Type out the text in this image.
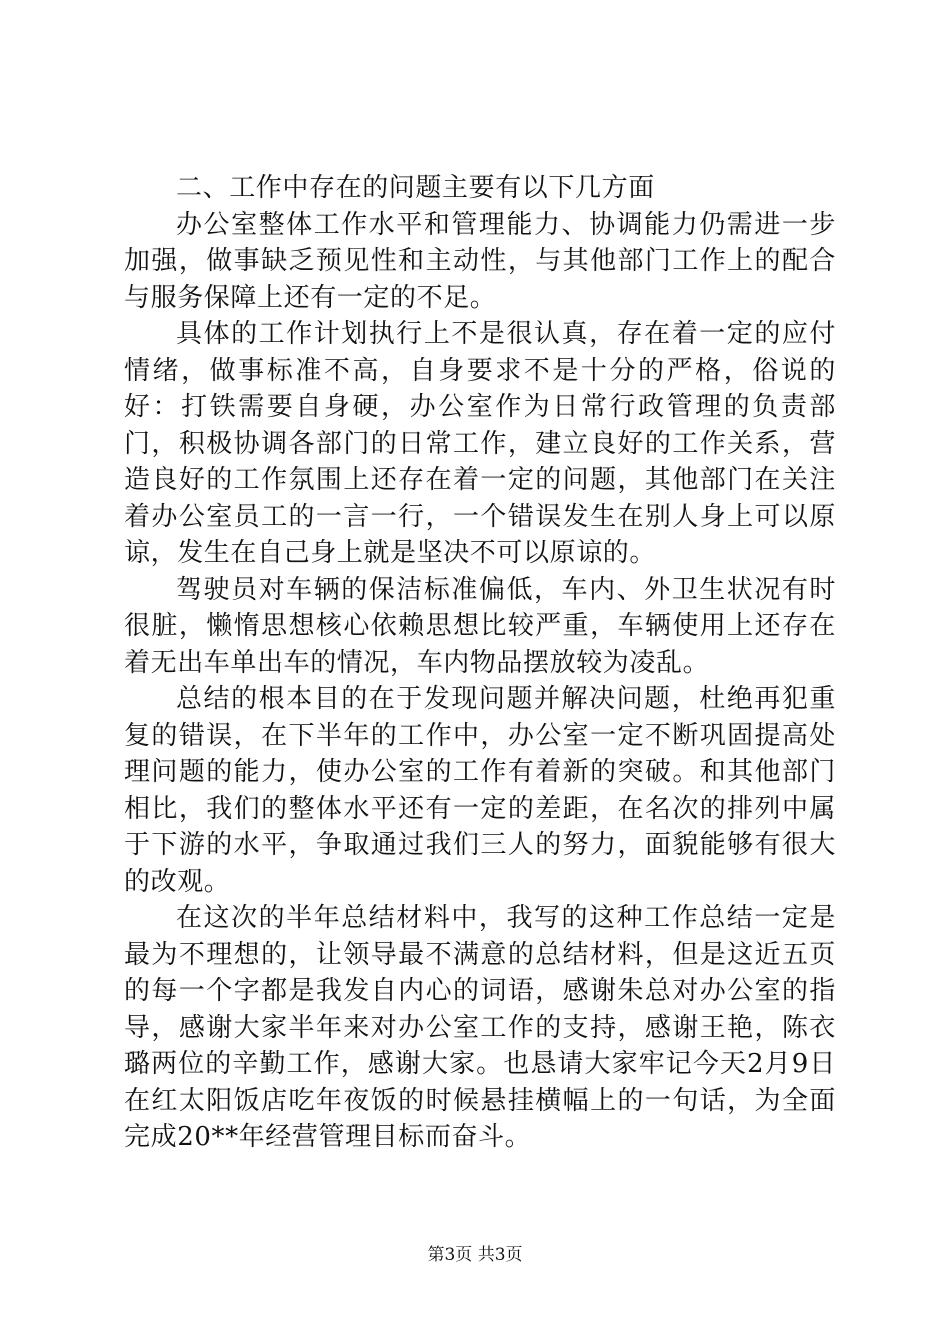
二、工作中存在的问题主要有以下几方面

办公室整体工作水平和管理能力、协调能力仍需进一步加强，做事缺乏预见性和主动性，与其他部门工作上的配合与服务保障上还有一定的不足。

具体的工作计划执行上不是很认真，存在着一定的应付情绪，做事标准不高，自身要求不是十分的严格，俗说的好：打铁需要自身硬，办公室作为日常行政管理的负责部门，积极协调各部门的日常工作，建立良好的工作关系，营造良好的工作氛围上还存在着一定的问题，其他部门在关注着办公室员工的一言一行，一个错误发生在别人身上可以原谅，发生在自己身上就是坚决不可以原谅的。

驾驶员对车辆的保洁标准偏低，车内、外卫生状况有时很脏，懒惰思想核心依赖思想比较严重，车辆使用上还存在着无出车单出车的情况，车内物品摆放较为凌乱。

总结的根本目的在于发现问题并解决问题，杜绝再犯重复的错误，在下半年的工作中，办公室一定不断巩固提高处理问题的能力，使办公室的工作有着新的突破。和其他部门相比，我们的整体水平还有一定的差距，在名次的排列中属于下游的水平，争取通过我们三人的努力，面貌能够有很大的改观。

在这次的半年总结材料中，我写的这种工作总结一定是最为不理想的，让领导最不满意的总结材料，但是这近五页的每一个字都是我发自内心的词语，感谢朱总对办公室的指导，感谢大家半年来对办公室工作的支持，感谢王艳，陈衣璐两位的辛勤工作，感谢大家。也恳请大家牢记今天2月9日在红太阳饭店吃年夜饭的时候悬挂横幅上的一句话，为全面完成20**年经营管理目标而奋斗。

第3页 共3页
